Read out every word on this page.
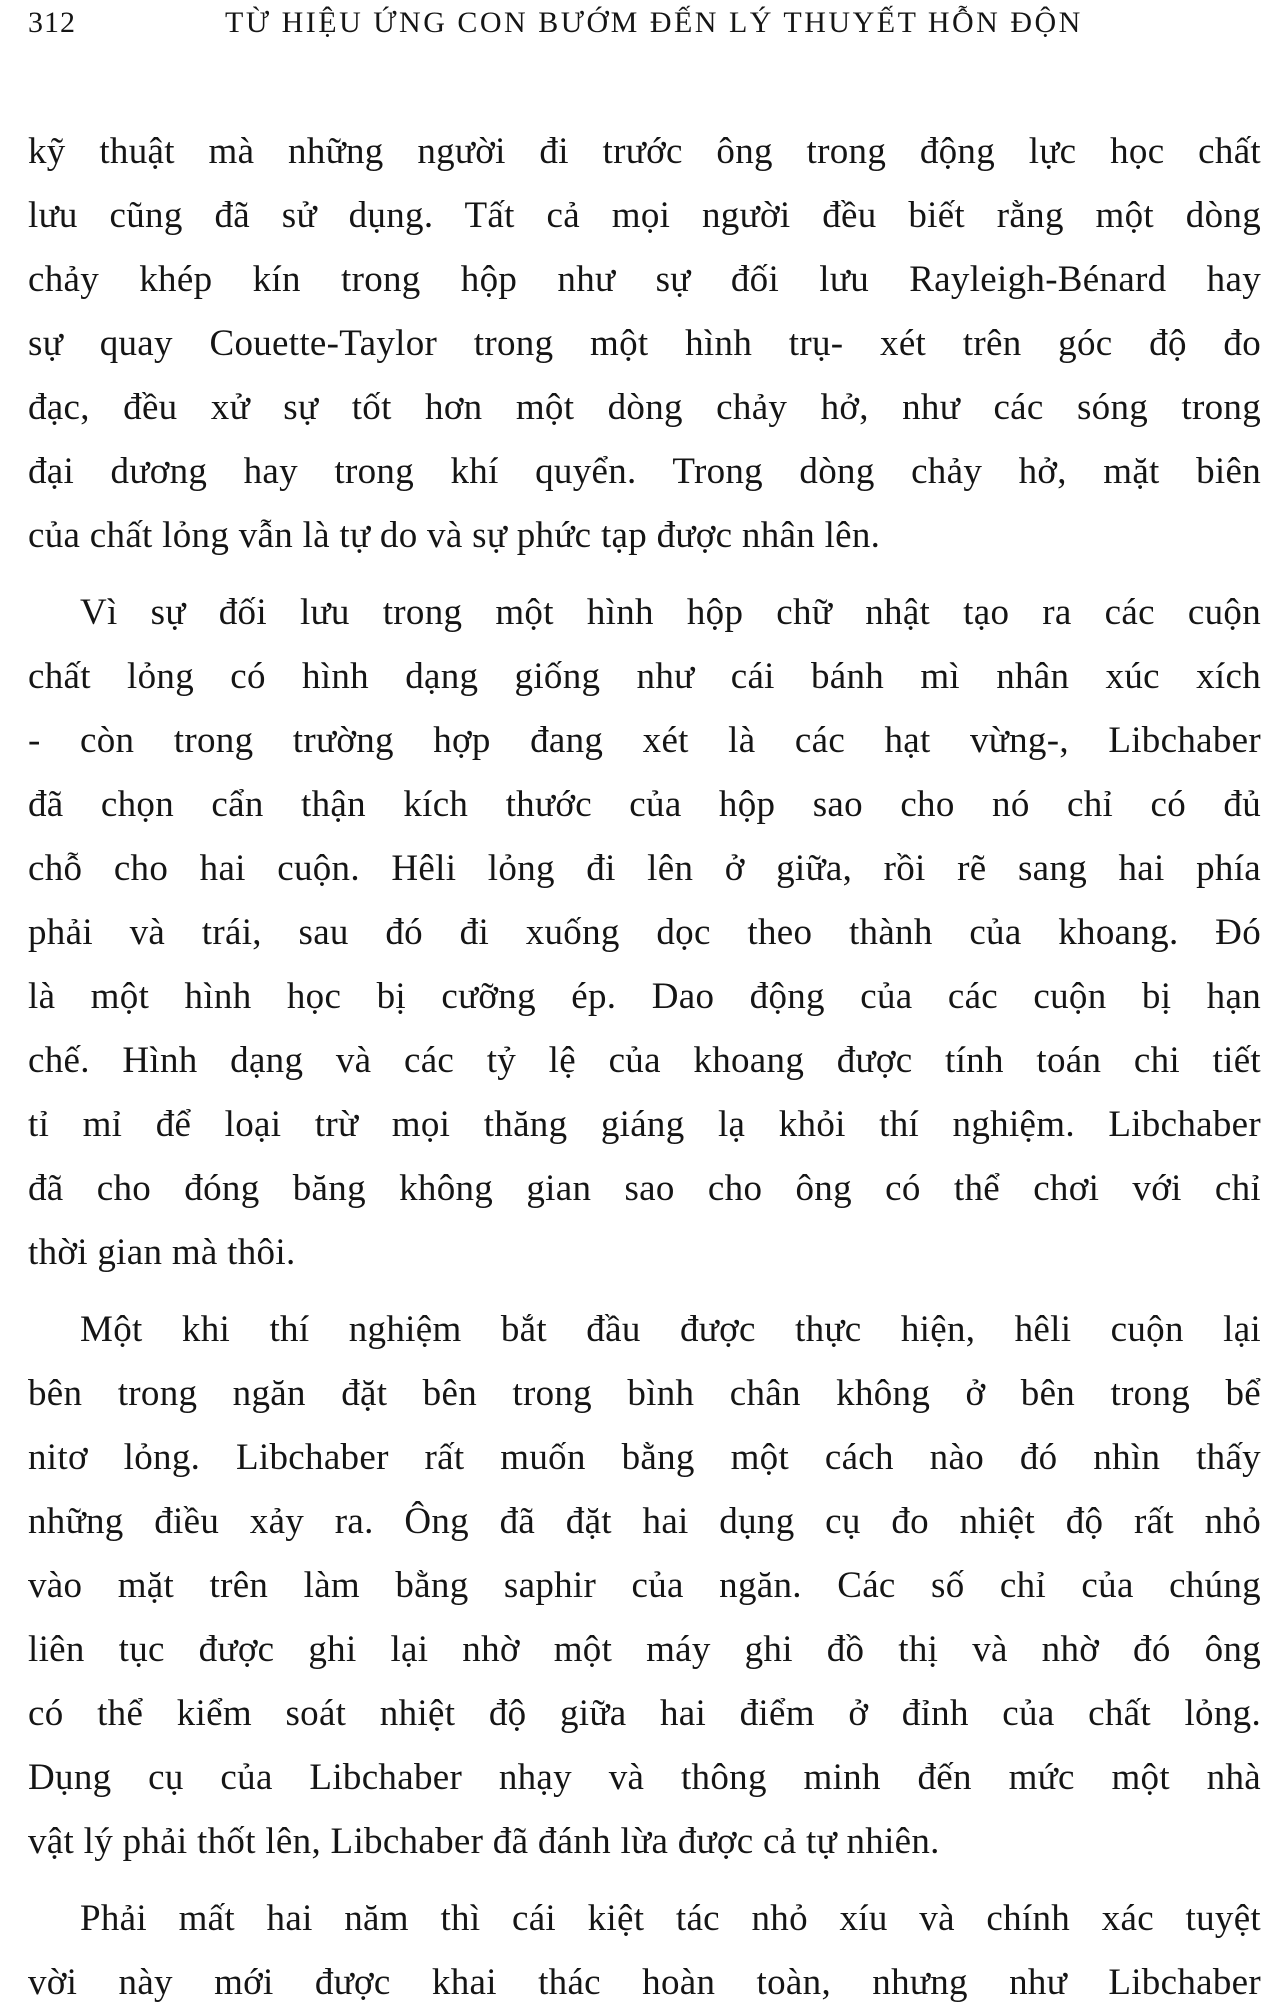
312	TỪ HIỆU ỨNG CON BƯỚM ĐẾN LÝ THUYẾT HỖN ĐỘN

kỹ thuật mà những người đi trước ông trong động lực học chất
lưu cũng đã sử dụng. Tất cả mọi người đều biết rằng một dòng
chảy khép kín trong hộp như sự đối lưu Rayleigh-Bénard hay
sự quay Couette-Taylor trong một hình trụ- xét trên góc độ đo
đạc, đều xử sự tốt hơn một dòng chảy hở, như các sóng trong
đại dương hay trong khí quyển. Trong dòng chảy hở, mặt biên
của chất lỏng vẫn là tự do và sự phức tạp được nhân lên.

Vì sự đối lưu trong một hình hộp chữ nhật tạo ra các cuộn
chất lỏng có hình dạng giống như cái bánh mì nhân xúc xích
- còn trong trường hợp đang xét là các hạt vừng-, Libchaber
đã chọn cẩn thận kích thước của hộp sao cho nó chỉ có đủ
chỗ cho hai cuộn. Hêli lỏng đi lên ở giữa, rồi rẽ sang hai phía
phải và trái, sau đó đi xuống dọc theo thành của khoang. Đó
là một hình học bị cưỡng ép. Dao động của các cuộn bị hạn
chế. Hình dạng và các tỷ lệ của khoang được tính toán chi tiết
tỉ mỉ để loại trừ mọi thăng giáng lạ khỏi thí nghiệm. Libchaber
đã cho đóng băng không gian sao cho ông có thể chơi với chỉ
thời gian mà thôi.

Một khi thí nghiệm bắt đầu được thực hiện, hêli cuộn lại
bên trong ngăn đặt bên trong bình chân không ở bên trong bể
nitơ lỏng. Libchaber rất muốn bằng một cách nào đó nhìn thấy
những điều xảy ra. Ông đã đặt hai dụng cụ đo nhiệt độ rất nhỏ
vào mặt trên làm bằng saphir của ngăn. Các số chỉ của chúng
liên tục được ghi lại nhờ một máy ghi đồ thị và nhờ đó ông
có thể kiểm soát nhiệt độ giữa hai điểm ở đỉnh của chất lỏng.
Dụng cụ của Libchaber nhạy và thông minh đến mức một nhà
vật lý phải thốt lên, Libchaber đã đánh lừa được cả tự nhiên.

Phải mất hai năm thì cái kiệt tác nhỏ xíu và chính xác tuyệt
vời này mới được khai thác hoàn toàn, nhưng như Libchaber
